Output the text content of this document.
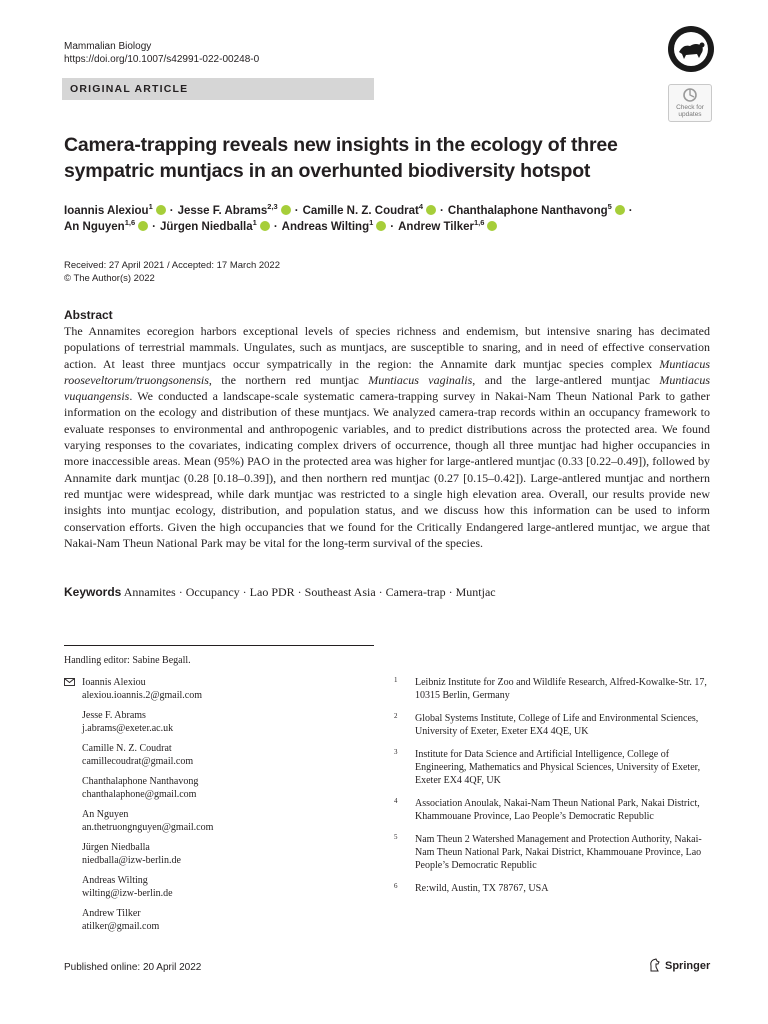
Mammalian Biology
https://doi.org/10.1007/s42991-022-00248-0
ORIGINAL ARTICLE
Check for
updates
Camera-trapping reveals new insights in the ecology of three sympatric muntjacs in an overhunted biodiversity hotspot
Ioannis Alexiou$^1$ · Jesse F. Abrams$^{2,3}$ · Camille N. Z. Coudrat$^4$ · Chanthalaphone Nanthavong$^5$ ·
An Nguyen$^{1,6}$ · Jürgen Niedballa$^1$ · Andreas Wilting$^1$ · Andrew Tilker$^{1,6}$
Received: 27 April 2021 / Accepted: 17 March 2022
© The Author(s) 2022
Abstract
The Annamites ecoregion harbors exceptional levels of species richness and endemism, but intensive snaring has decimated populations of terrestrial mammals. Ungulates, such as muntjacs, are susceptible to snaring, and in need of effective conservation action. At least three muntjacs occur sympatrically in the region: the Annamite dark muntjac species complex Muntiacus rooseveltorum/truongsonensis, the northern red muntjac Muntiacus vaginalis, and the large-antlered muntjac Muntiacus vuquangensis. We conducted a landscape-scale systematic camera-trapping survey in Nakai-Nam Theun National Park to gather information on the ecology and distribution of these muntjacs. We analyzed camera-trap records within an occupancy framework to evaluate responses to environmental and anthropogenic variables, and to predict distributions across the protected area. We found varying responses to the covariates, indicating complex drivers of occurrence, though all three muntjac had higher occupancies in more inaccessible areas. Mean (95%) PAO in the protected area was higher for large-antlered muntjac (0.33 [0.22–0.49]), followed by Annamite dark muntjac (0.28 [0.18–0.39]), and then northern red muntjac (0.27 [0.15–0.42]). Large-antlered muntjac and northern red muntjac were widespread, while dark muntjac was restricted to a single high elevation area. Overall, our results provide new insights into muntjac ecology, distribution, and population status, and we discuss how this information can be used to inform conservation efforts. Given the high occupancies that we found for the Critically Endangered large-antlered muntjac, we argue that Nakai-Nam Theun National Park may be vital for the long-term survival of the species.
Keywords Annamites · Occupancy · Lao PDR · Southeast Asia · Camera-trap · Muntjac
Handling editor: Sabine Begall.
Ioannis Alexiou
alexiou.ioannis.2@gmail.com
Jesse F. Abrams
j.abrams@exeter.ac.uk
Camille N. Z. Coudrat
camillecoudrat@gmail.com
Chanthalaphone Nanthavong
chanthalaphone@gmail.com
An Nguyen
an.thetruongnguyen@gmail.com
Jürgen Niedballa
niedballa@izw-berlin.de
Andreas Wilting
wilting@izw-berlin.de
Andrew Tilker
atilker@gmail.com
1 Leibniz Institute for Zoo and Wildlife Research, Alfred-Kowalke-Str. 17, 10315 Berlin, Germany
2 Global Systems Institute, College of Life and Environmental Sciences, University of Exeter, Exeter EX4 4QE, UK
3 Institute for Data Science and Artificial Intelligence, College of Engineering, Mathematics and Physical Sciences, University of Exeter, Exeter EX4 4QF, UK
4 Association Anoulak, Nakai-Nam Theun National Park, Nakai District, Khammouane Province, Lao People’s Democratic Republic
5 Nam Theun 2 Watershed Management and Protection Authority, Nakai-Nam Theun National Park, Nakai District, Khammouane Province, Lao People’s Democratic Republic
6 Re:wild, Austin, TX 78767, USA
Published online: 20 April 2022	Springer
